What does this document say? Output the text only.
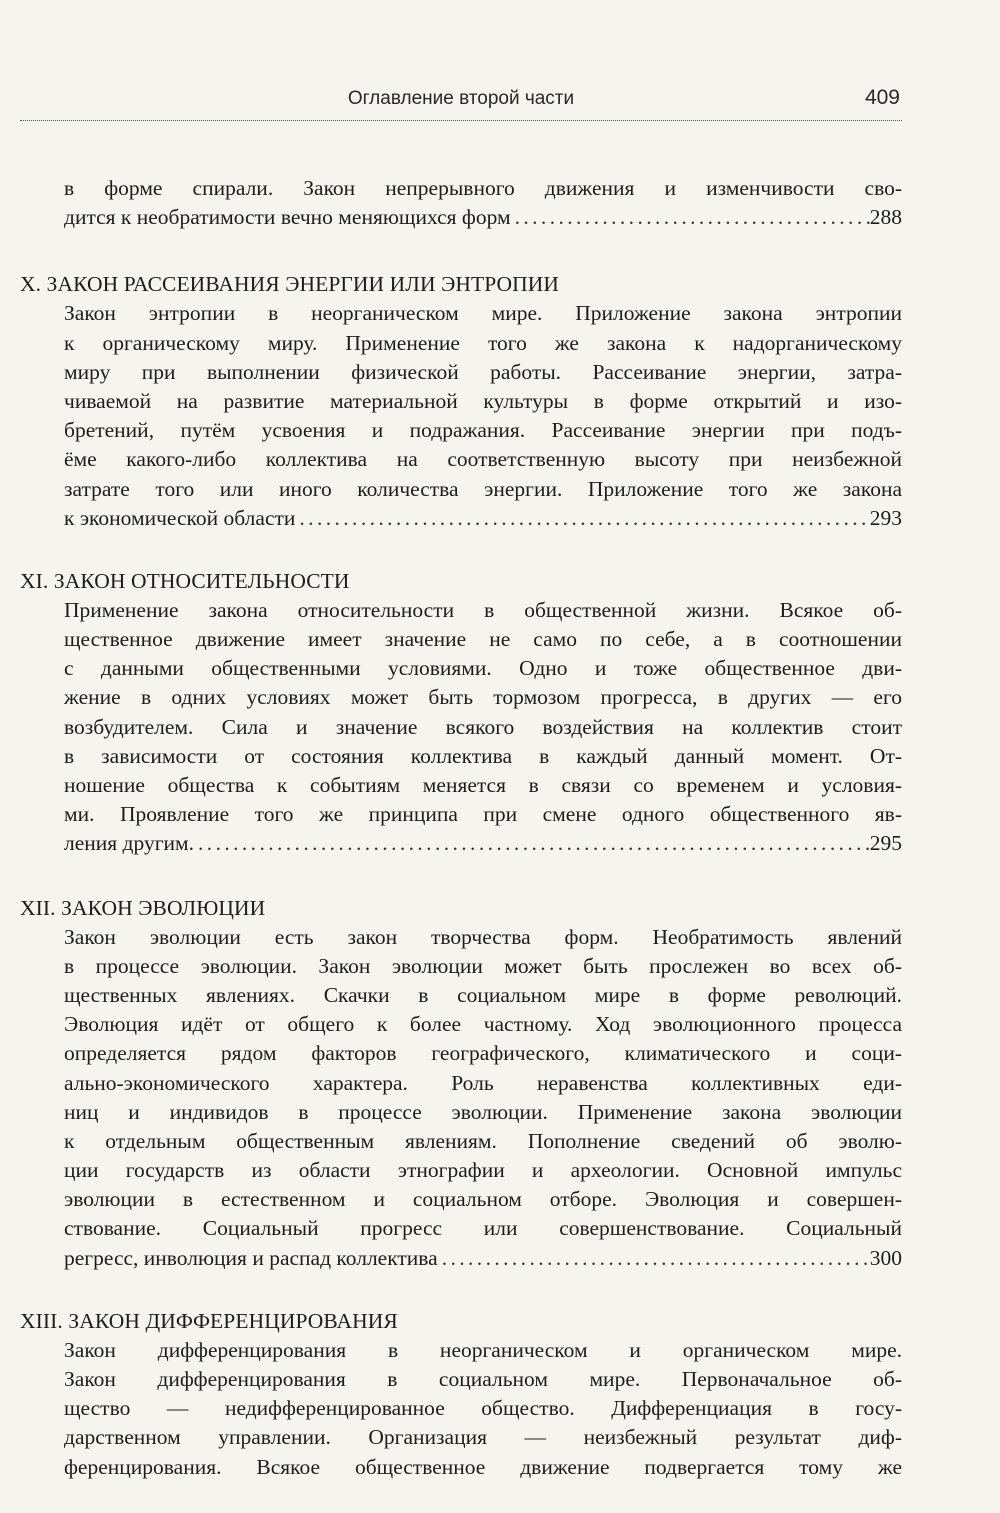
Оглавление второй части	409
в форме спирали. Закон непрерывного движения и изменчивости сво-
дится к необратимости вечно меняющихся форм .....	288
X. ЗАКОН РАССЕИВАНИЯ ЭНЕРГИИ ИЛИ ЭНТРОПИИ
Закон энтропии в неорганическом мире. Приложение закона энтропии
к органическому миру. Применение того же закона к надорганическому
миру при выполнении физической работы. Рассеивание энергии, затра-
чиваемой на развитие материальной культуры в форме открытий и изо-
бретений, путём усвоения и подражания. Рассеивание энергии при подъ-
ёме какого-либо коллектива на соответственную высоту при неизбежной
затрате того или иного количества энергии. Приложение того же закона
к экономической области .....	293
XI. ЗАКОН ОТНОСИТЕЛЬНОСТИ
Применение закона относительности в общественной жизни. Всякое об-
щественное движение имеет значение не само по себе, а в соотношении
с данными общественными условиями. Одно и тоже общественное дви-
жение в одних условиях может быть тормозом прогресса, в других — его
возбудителем. Сила и значение всякого воздействия на коллектив стоит
в зависимости от состояния коллектива в каждый данный момент. От-
ношение общества к событиям меняется в связи со временем и условия-
ми. Проявление того же принципа при смене одного общественного яв-
ления другим. .....	295
XII. ЗАКОН ЭВОЛЮЦИИ
Закон эволюции есть закон творчества форм. Необратимость явлений
в процессе эволюции. Закон эволюции может быть прослежен во всех об-
щественных явлениях. Скачки в социальном мире в форме революций.
Эволюция идёт от общего к более частному. Ход эволюционного процесса
определяется рядом факторов географического, климатического и соци-
ально-экономического характера. Роль неравенства коллективных еди-
ниц и индивидов в процессе эволюции. Применение закона эволюции
к отдельным общественным явлениям. Пополнение сведений об эволю-
ции государств из области этнографии и археологии. Основной импульс
эволюции в естественном и социальном отборе. Эволюция и совершен-
ствование. Социальный прогресс или совершенствование. Социальный
регресс, инволюция и распад коллектива .....	300
XIII. ЗАКОН ДИФФЕРЕНЦИРОВАНИЯ
Закон дифференцирования в неорганическом и органическом мире.
Закон дифференцирования в социальном мире. Первоначальное об-
щество — недифференцированное общество. Дифференциация в госу-
дарственном управлении. Организация — неизбежный результат диф-
ференцирования. Всякое общественное движение подвергается тому же
